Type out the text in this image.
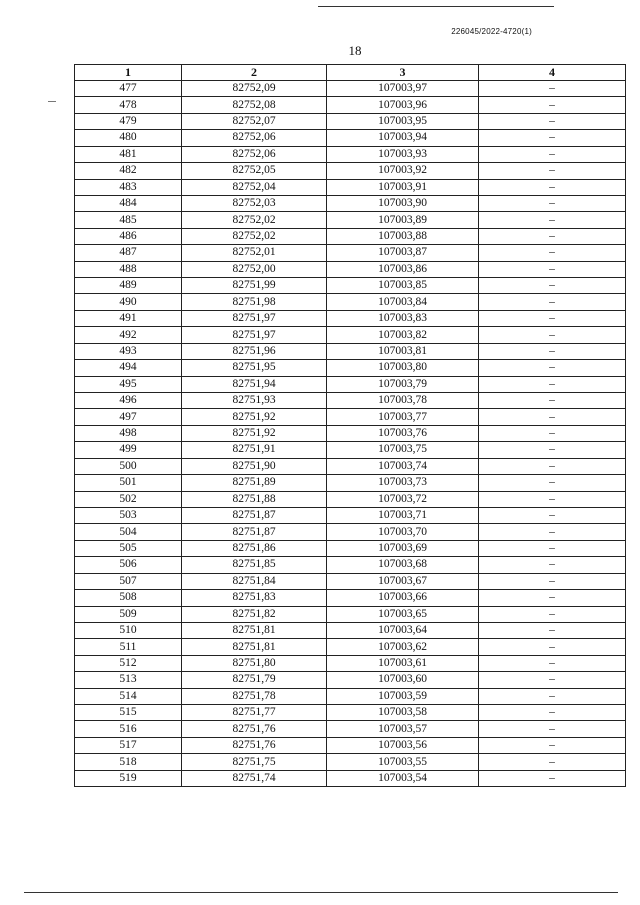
226045/2022-4720(1)
18
1	2	3	4
477	82752,09	107003,97	–
478	82752,08	107003,96	–
479	82752,07	107003,95	–
480	82752,06	107003,94	–
481	82752,06	107003,93	–
482	82752,05	107003,92	–
483	82752,04	107003,91	–
484	82752,03	107003,90	–
485	82752,02	107003,89	–
486	82752,02	107003,88	–
487	82752,01	107003,87	–
488	82752,00	107003,86	–
489	82751,99	107003,85	–
490	82751,98	107003,84	–
491	82751,97	107003,83	–
492	82751,97	107003,82	–
493	82751,96	107003,81	–
494	82751,95	107003,80	–
495	82751,94	107003,79	–
496	82751,93	107003,78	–
497	82751,92	107003,77	–
498	82751,92	107003,76	–
499	82751,91	107003,75	–
500	82751,90	107003,74	–
501	82751,89	107003,73	–
502	82751,88	107003,72	–
503	82751,87	107003,71	–
504	82751,87	107003,70	–
505	82751,86	107003,69	–
506	82751,85	107003,68	–
507	82751,84	107003,67	–
508	82751,83	107003,66	–
509	82751,82	107003,65	–
510	82751,81	107003,64	–
511	82751,81	107003,62	–
512	82751,80	107003,61	–
513	82751,79	107003,60	–
514	82751,78	107003,59	–
515	82751,77	107003,58	–
516	82751,76	107003,57	–
517	82751,76	107003,56	–
518	82751,75	107003,55	–
519	82751,74	107003,54	–
